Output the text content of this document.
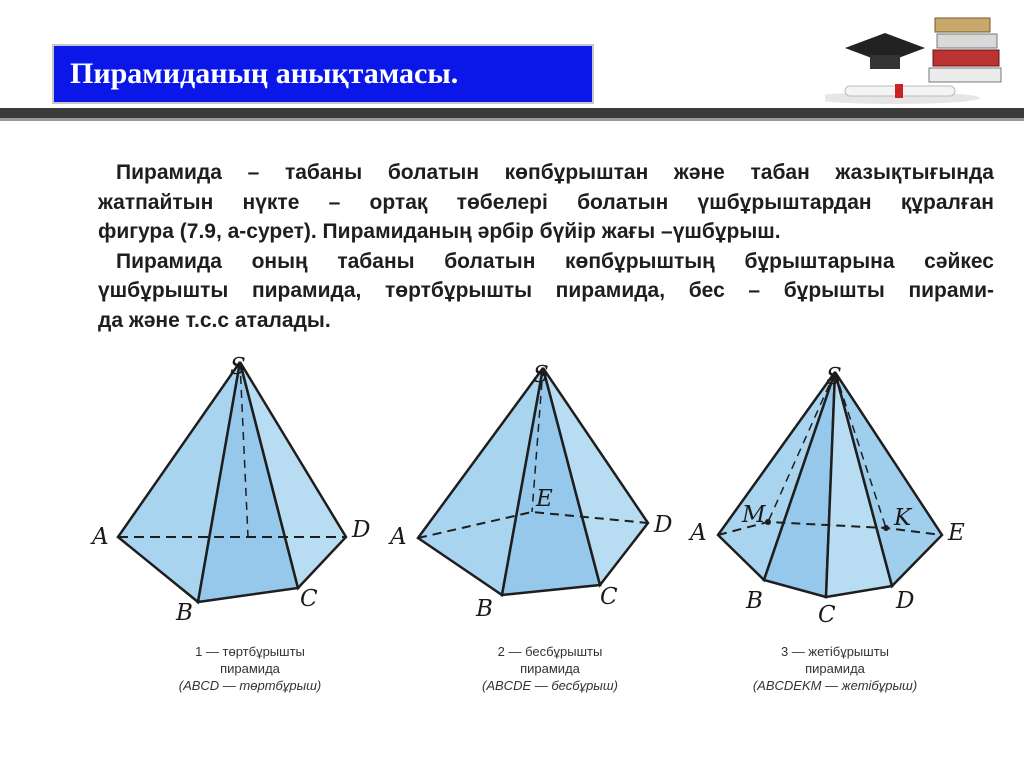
Пирамиданың анықтамасы.

Пирамида – табаны болатын көпбұрыштан және табан жазықтығында

жатпайтын нүкте – ортақ төбелері болатын үшбұрыштардан құралған

фигура (7.9, а-сурет). Пирамиданың әрбір бүйір жағы –үшбұрыш.

Пирамида оның табаны болатын көпбұрыштың бұрыштарына сәйкес

үшбұрышты пирамида, төртбұрышты пирамида, бес – бұрышты пирами-

да және т.с.с аталады.

S
A
B
C
D
S
A
B	C
D
E
S
A
B
C
D
E
K
M
1 — төртбұрышты
пирамида
(ABCD — төртбұрыш)
2 — бесбұрышты
пирамида
(ABCDE — бесбұрыш)
3 — жетібұрышты
пирамида
(ABCDEKM — жетібұрыш)
